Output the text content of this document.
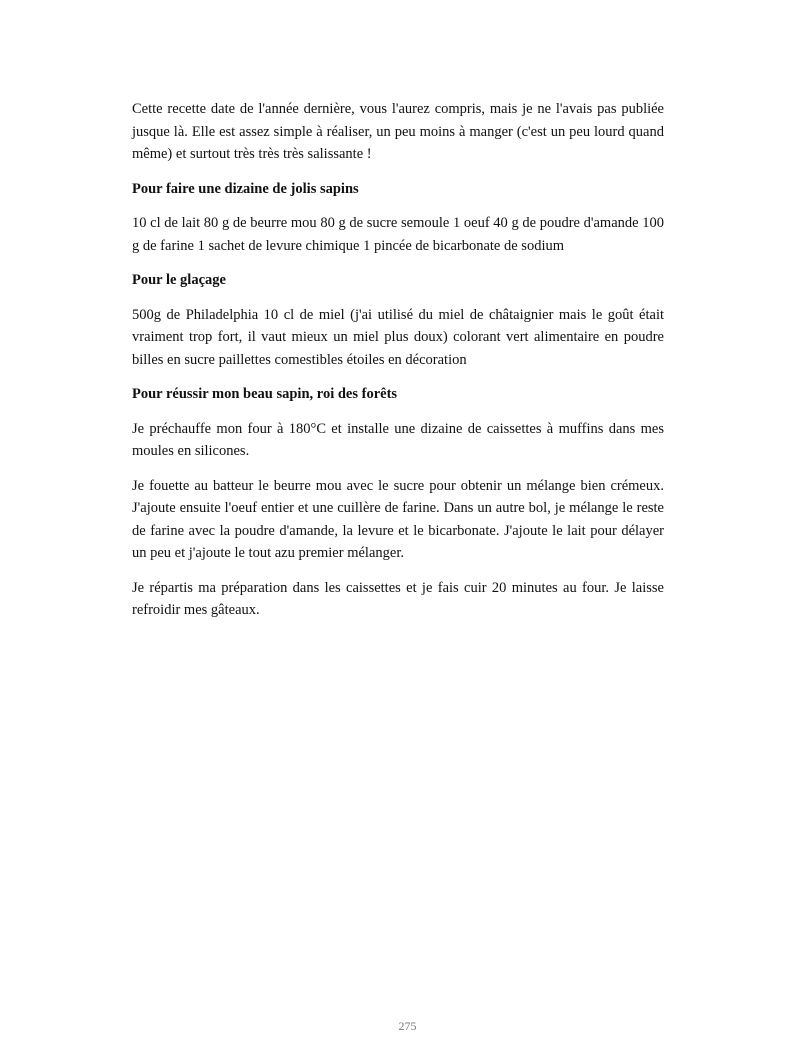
Cette recette date de l'année dernière, vous l'aurez compris, mais je ne l'avais pas publiée jusque là. Elle est assez simple à réaliser, un peu moins à manger (c'est un peu lourd quand même) et surtout très très très salissante !

Pour faire une dizaine de jolis sapins

10 cl de lait 80 g de beurre mou 80 g de sucre semoule 1 oeuf 40 g de poudre d'amande 100 g de farine 1 sachet de levure chimique 1 pincée de bicarbonate de sodium

Pour le glaçage

500g de Philadelphia 10 cl de miel (j'ai utilisé du miel de châtaignier mais le goût était vraiment trop fort, il vaut mieux un miel plus doux) colorant vert alimentaire en poudre billes en sucre paillettes comestibles étoiles en décoration

Pour réussir mon beau sapin, roi des forêts

Je préchauffe mon four à 180°C et installe une dizaine de caissettes à muffins dans mes moules en silicones.

Je fouette au batteur le beurre mou avec le sucre pour obtenir un mélange bien crémeux. J'ajoute ensuite l'oeuf entier et une cuillère de farine. Dans un autre bol, je mélange le reste de farine avec la poudre d'amande, la levure et le bicarbonate. J'ajoute le lait pour délayer un peu et j'ajoute le tout azu premier mélanger.

Je répartis ma préparation dans les caissettes et je fais cuir 20 minutes au four. Je laisse refroidir mes gâteaux.

275
